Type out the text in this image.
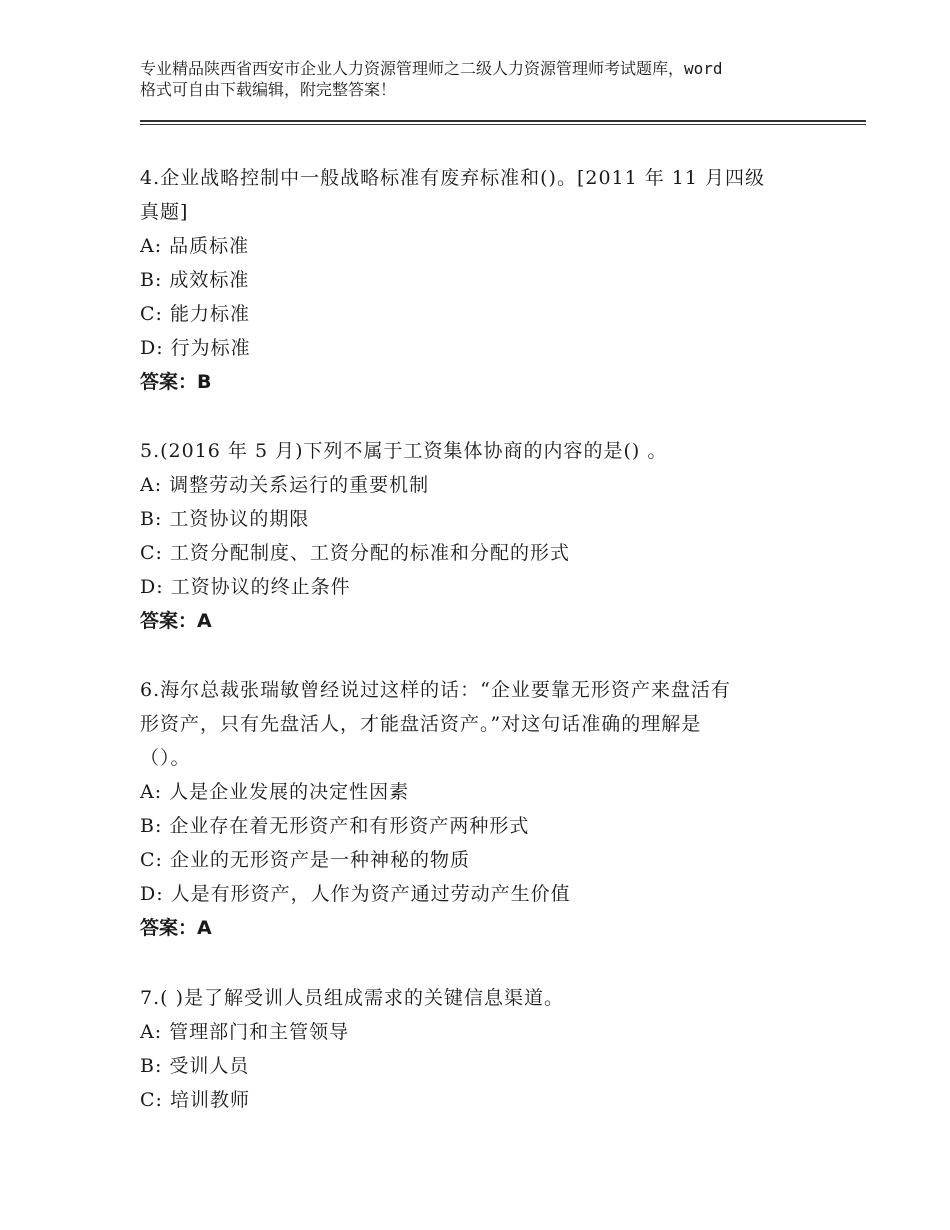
专业精品陕西省西安市企业人力资源管理师之二级人力资源管理师考试题库，word
格式可自由下载编辑，附完整答案！
4.企业战略控制中一般战略标准有废弃标准和()。[2011 年 11 月四级
真题]
A: 品质标准
B: 成效标准
C: 能力标准
D: 行为标准
答案：B
5.(2016 年 5 月)下列不属于工资集体协商的内容的是() 。
A: 调整劳动关系运行的重要机制
B: 工资协议的期限
C: 工资分配制度、工资分配的标准和分配的形式
D: 工资协议的终止条件
答案：A
6.海尔总裁张瑞敏曾经说过这样的话：“企业要靠无形资产来盘活有
形资产，只有先盘活人，才能盘活资产。”对这句话准确的理解是
（）。
A: 人是企业发展的决定性因素
B: 企业存在着无形资产和有形资产两种形式
C: 企业的无形资产是一种神秘的物质
D: 人是有形资产，人作为资产通过劳动产生价值
答案：A
7.( )是了解受训人员组成需求的关键信息渠道。
A: 管理部门和主管领导
B: 受训人员
C: 培训教师
